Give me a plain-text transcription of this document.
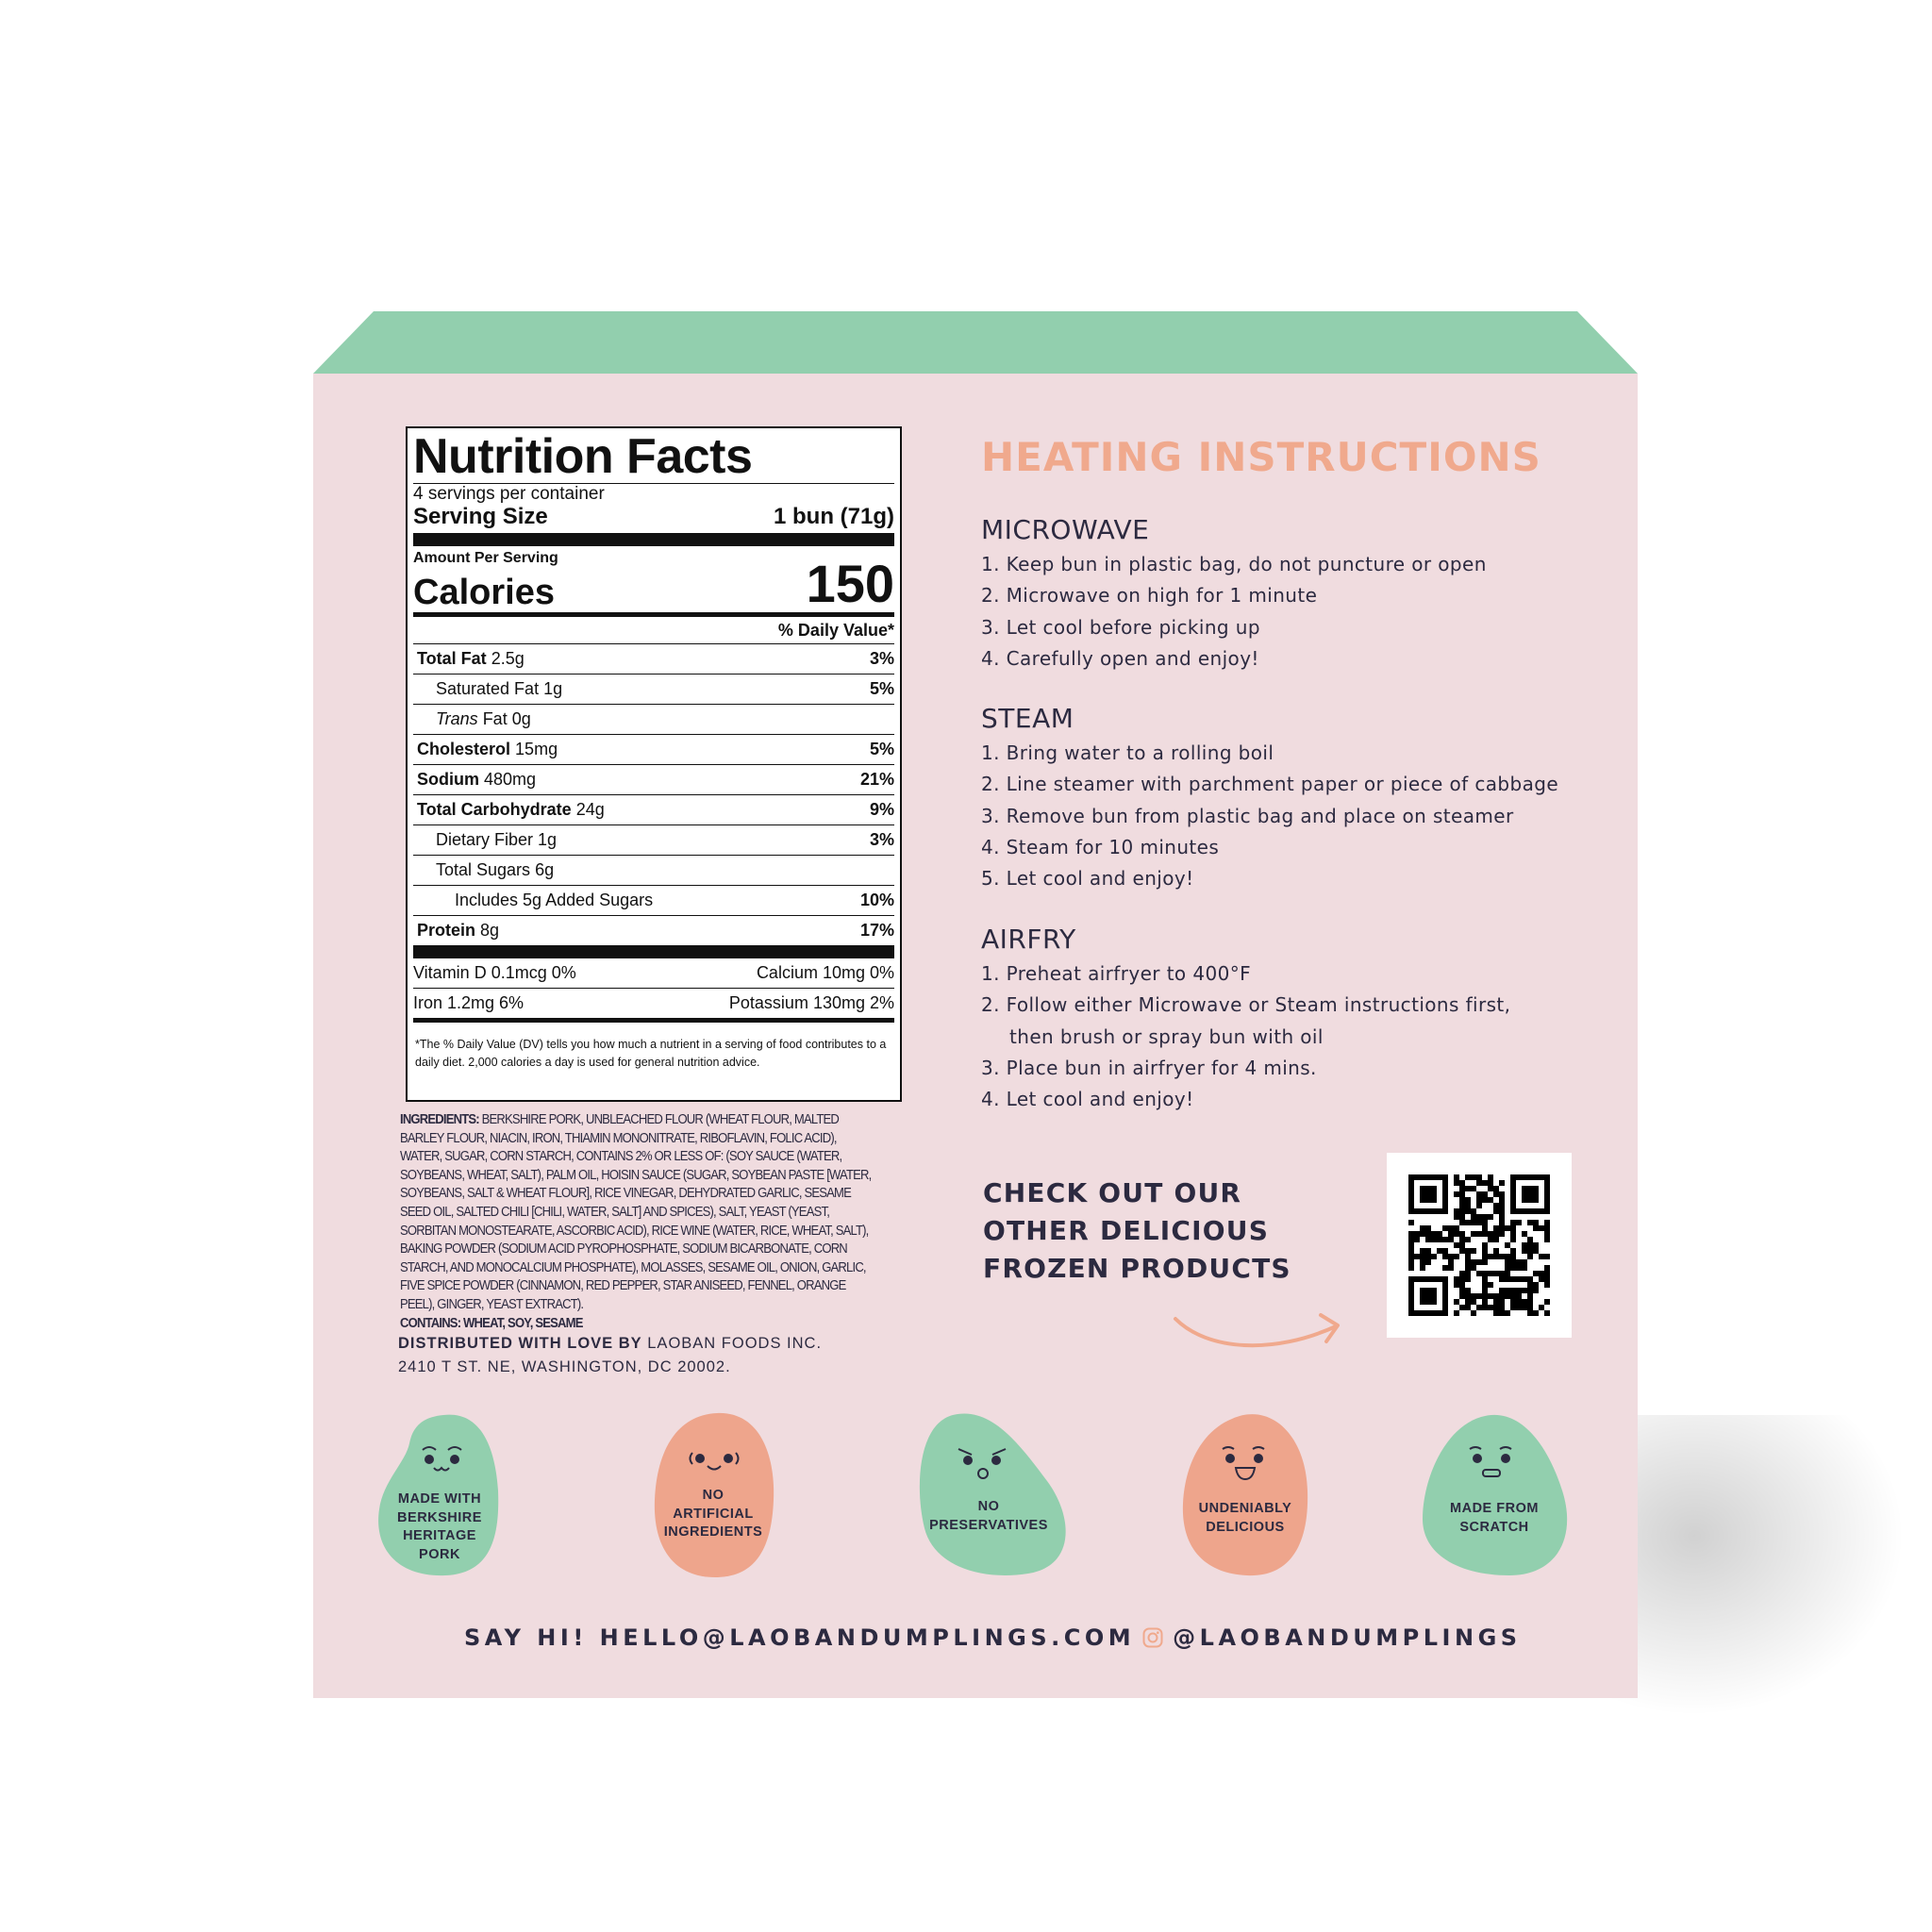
Nutrition Facts
4 servings per container
Serving Size	1 bun (71g)
Amount Per Serving
Calories	150
% Daily Value*
Total Fat 2.5g	3%
Saturated Fat 1g	5%
Trans Fat 0g
Cholesterol 15mg	5%
Sodium 480mg	21%
Total Carbohydrate 24g	9%
Dietary Fiber 1g	3%
Total Sugars 6g
Includes 5g Added Sugars	10%
Protein 8g	17%
Vitamin D 0.1mcg 0%	Calcium 10mg 0%
Iron 1.2mg 6%	Potassium 130mg 2%
*The % Daily Value (DV) tells you how much a nutrient in a serving of food contributes to a daily diet. 2,000 calories a day is used for general nutrition advice.
INGREDIENTS: BERKSHIRE PORK, UNBLEACHED FLOUR (WHEAT FLOUR, MALTED BARLEY FLOUR, NIACIN, IRON, THIAMIN MONONITRATE, RIBOFLAVIN, FOLIC ACID), WATER, SUGAR, CORN STARCH, CONTAINS 2% OR LESS OF: (SOY SAUCE (WATER, SOYBEANS, WHEAT, SALT), PALM OIL, HOISIN SAUCE (SUGAR, SOYBEAN PASTE [WATER, SOYBEANS, SALT & WHEAT FLOUR], RICE VINEGAR, DEHYDRATED GARLIC, SESAME SEED OIL, SALTED CHILI [CHILI, WATER, SALT] AND SPICES), SALT, YEAST (YEAST, SORBITAN MONOSTEARATE, ASCORBIC ACID), RICE WINE (WATER, RICE, WHEAT, SALT), BAKING POWDER (SODIUM ACID PYROPHOSPHATE, SODIUM BICARBONATE, CORN STARCH, AND MONOCALCIUM PHOSPHATE), MOLASSES, SESAME OIL, ONION, GARLIC, FIVE SPICE POWDER (CINNAMON, RED PEPPER, STAR ANISEED, FENNEL, ORANGE PEEL), GINGER, YEAST EXTRACT).
CONTAINS: WHEAT, SOY, SESAME
DISTRIBUTED WITH LOVE BY LAOBAN FOODS INC.
2410 T ST. NE, WASHINGTON, DC 20002.
HEATING INSTRUCTIONS
MICROWAVE
1. Keep bun in plastic bag, do not puncture or open
2. Microwave on high for 1 minute
3. Let cool before picking up
4. Carefully open and enjoy!
STEAM
1. Bring water to a rolling boil
2. Line steamer with parchment paper or piece of cabbage
3. Remove bun from plastic bag and place on steamer
4. Steam for 10 minutes
5. Let cool and enjoy!
AIRFRY
1. Preheat airfryer to 400°F
2. Follow either Microwave or Steam instructions first,
then brush or spray bun with oil
3. Place bun in airfryer for 4 mins.
4. Let cool and enjoy!
CHECK OUT OUR
OTHER DELICIOUS
FROZEN PRODUCTS
MADE WITH
BERKSHIRE
HERITAGE
PORK
NO
ARTIFICIAL
INGREDIENTS
NO
PRESERVATIVES
UNDENIABLY
DELICIOUS
MADE FROM
SCRATCH
SAY HI!
HELLO@LAOBANDUMPLINGS.COM @LAOBANDUMPLINGS
